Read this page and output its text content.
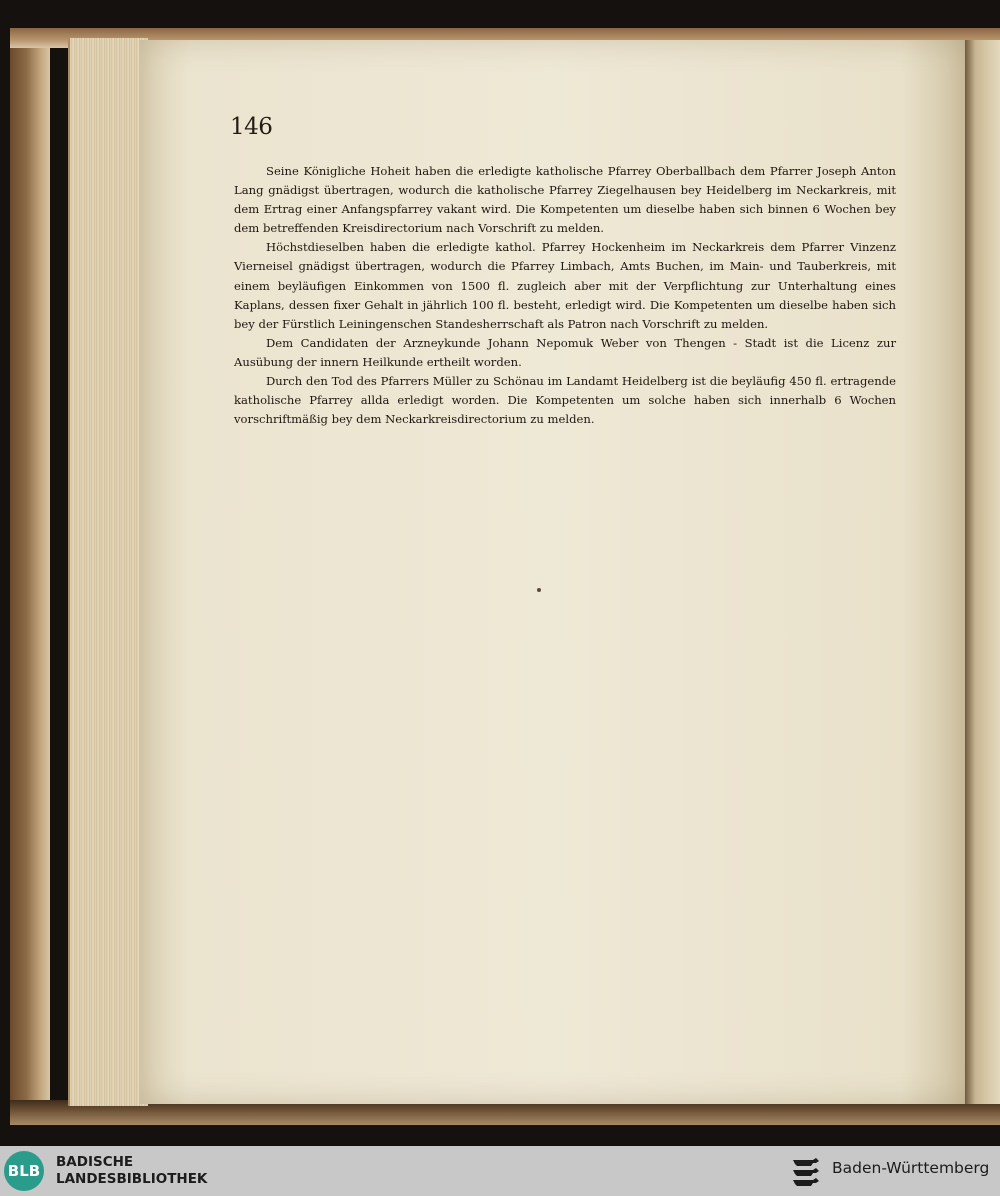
146

Seine Königliche Hoheit haben die erledigte katholische Pfarrey Oberballbach dem Pfarrer Joseph Anton Lang gnädigst übertragen, wodurch die katholische Pfarrey Ziegelhausen bey Heidelberg im Neckarkreis, mit dem Ertrag einer Anfangspfarrey vakant wird. Die Kompetenten um dieselbe haben sich binnen 6 Wochen bey dem betreffenden Kreisdirectorium nach Vorschrift zu melden.

Höchstdieselben haben die erledigte kathol. Pfarrey Hockenheim im Neckarkreis dem Pfarrer Vinzenz Vierneisel gnädigst übertragen, wodurch die Pfarrey Limbach, Amts Buchen, im Main- und Tauberkreis, mit einem beyläufigen Einkommen von 1500 fl. zugleich aber mit der Verpflichtung zur Unterhaltung eines Kaplans, dessen fixer Gehalt in jährlich 100 fl. besteht, erledigt wird. Die Kompetenten um dieselbe haben sich bey der Fürstlich Leiningenschen Standesherrschaft als Patron nach Vorschrift zu melden.

Dem Candidaten der Arzneykunde Johann Nepomuk Weber von Thengen - Stadt ist die Licenz zur Ausübung der innern Heilkunde ertheilt worden.

Durch den Tod des Pfarrers Müller zu Schönau im Landamt Heidelberg ist die beyläufig 450 fl. ertragende katholische Pfarrey allda erledigt worden. Die Kompetenten um solche haben sich innerhalb 6 Wochen vorschriftmäßig bey dem Neckarkreisdirectorium zu melden.

BLB BADISCHE
LANDESBIBLIOTHEK
Baden-Württemberg
